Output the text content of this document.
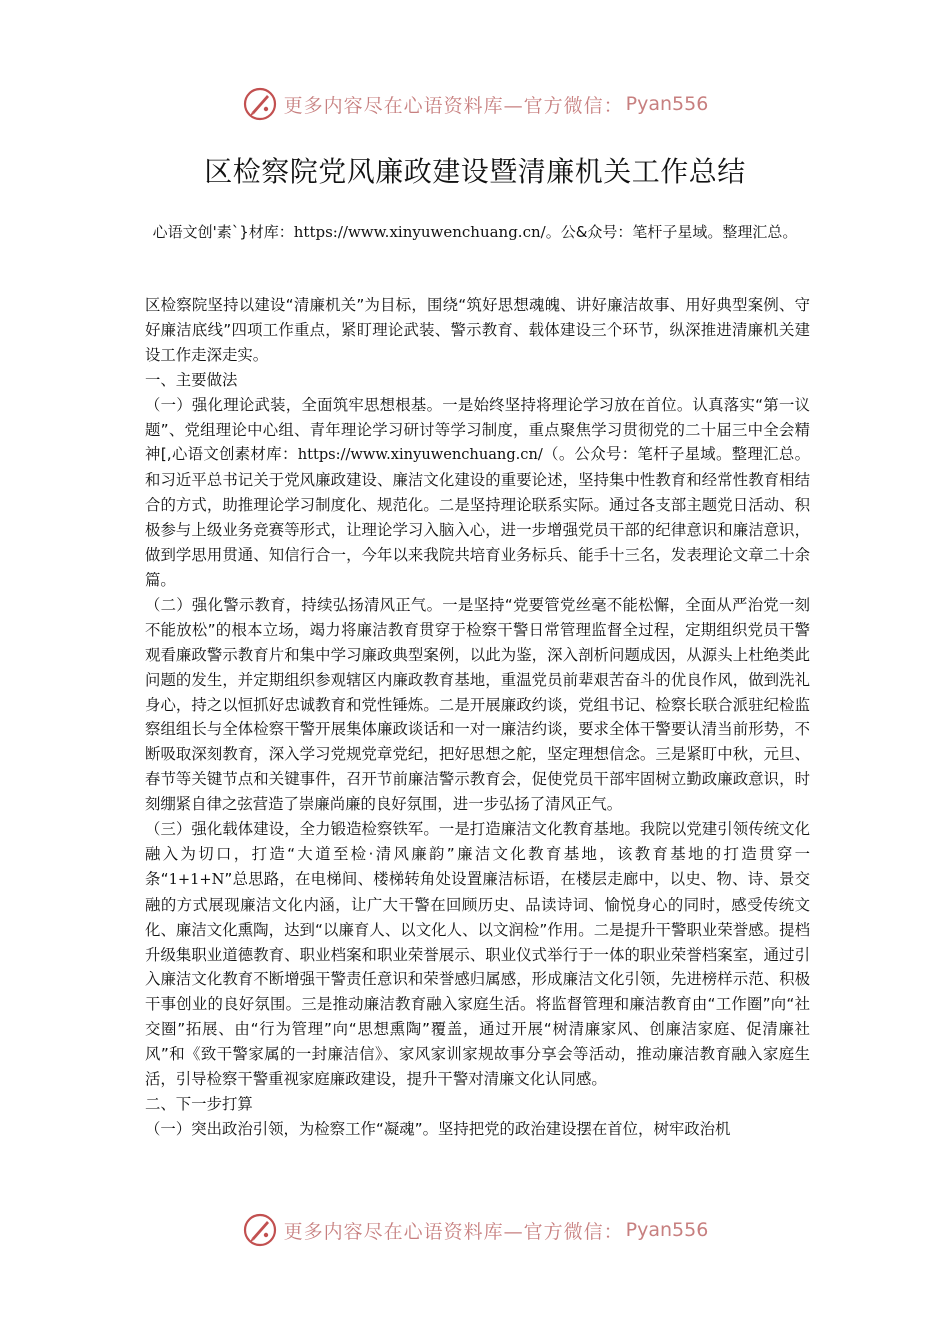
更多内容尽在心语资料库—官方微信： Pyan556
区检察院党风廉政建设暨清廉机关工作总结
心语文创'素`}材库：https://www.xinyuwenchuang.cn/。公&众号：笔杆子星域。整理汇总。

区检察院坚持以建设“清廉机关”为目标，围绕“筑好思想魂魄、讲好廉洁故事、用好典型案例、守好廉洁底线”四项工作重点，紧盯理论武装、警示教育、载体建设三个环节，纵深推进清廉机关建设工作走深走实。

一、主要做法

（一）强化理论武装，全面筑牢思想根基。一是始终坚持将理论学习放在首位。认真落实“第一议题”、党组理论中心组、青年理论学习研讨等学习制度，重点聚焦学习贯彻党的二十届三中全会精神[,心语文创素材库：https://www.xinyuwenchuang.cn/（。公众号：笔杆子星域。整理汇总。和习近平总书记关于党风廉政建设、廉洁文化建设的重要论述，坚持集中性教育和经常性教育相结合的方式，助推理论学习制度化、规范化。二是坚持理论联系实际。通过各支部主题党日活动、积极参与上级业务竞赛等形式，让理论学习入脑入心，进一步增强党员干部的纪律意识和廉洁意识，做到学思用贯通、知信行合一，今年以来我院共培育业务标兵、能手十三名，发表理论文章二十余篇。

（二）强化警示教育，持续弘扬清风正气。一是坚持“党要管党丝毫不能松懈，全面从严治党一刻不能放松”的根本立场，竭力将廉洁教育贯穿于检察干警日常管理监督全过程，定期组织党员干警观看廉政警示教育片和集中学习廉政典型案例，以此为鉴，深入剖析问题成因，从源头上杜绝类此问题的发生，并定期组织参观辖区内廉政教育基地，重温党员前辈艰苦奋斗的优良作风，做到洗礼身心，持之以恒抓好忠诚教育和党性锤炼。二是开展廉政约谈，党组书记、检察长联合派驻纪检监察组组长与全体检察干警开展集体廉政谈话和一对一廉洁约谈，要求全体干警要认清当前形势，不断吸取深刻教育，深入学习党规党章党纪，把好思想之舵，坚定理想信念。三是紧盯中秋，元旦、春节等关键节点和关键事件，召开节前廉洁警示教育会，促使党员干部牢固树立勤政廉政意识，时刻绷紧自律之弦营造了崇廉尚廉的良好氛围，进一步弘扬了清风正气。

（三）强化载体建设，全力锻造检察铁军。一是打造廉洁文化教育基地。我院以党建引领传统文化融入为切口，打造“大道至检·清风廉韵”廉洁文化教育基地，该教育基地的打造贯穿一条“1+1+N”总思路，在电梯间、楼梯转角处设置廉洁标语，在楼层走廊中，以史、物、诗、景交融的方式展现廉洁文化内涵，让广大干警在回顾历史、品读诗词、愉悦身心的同时，感受传统文化、廉洁文化熏陶，达到“以廉育人、以文化人、以文润检”作用。二是提升干警职业荣誉感。提档升级集职业道德教育、职业档案和职业荣誉展示、职业仪式举行于一体的职业荣誉档案室，通过引入廉洁文化教育不断增强干警责任意识和荣誉感归属感，形成廉洁文化引领，先进榜样示范、积极干事创业的良好氛围。三是推动廉洁教育融入家庭生活。将监督管理和廉洁教育由“工作圈”向“社交圈”拓展、由“行为管理”向“思想熏陶”覆盖，通过开展“树清廉家风、创廉洁家庭、促清廉社风”和《致干警家属的一封廉洁信》、家风家训家规故事分享会等活动，推动廉洁教育融入家庭生活，引导检察干警重视家庭廉政建设，提升干警对清廉文化认同感。

二、下一步打算

（一）突出政治引领，为检察工作“凝魂”。坚持把党的政治建设摆在首位，树牢政治机

更多内容尽在心语资料库—官方微信： Pyan556
